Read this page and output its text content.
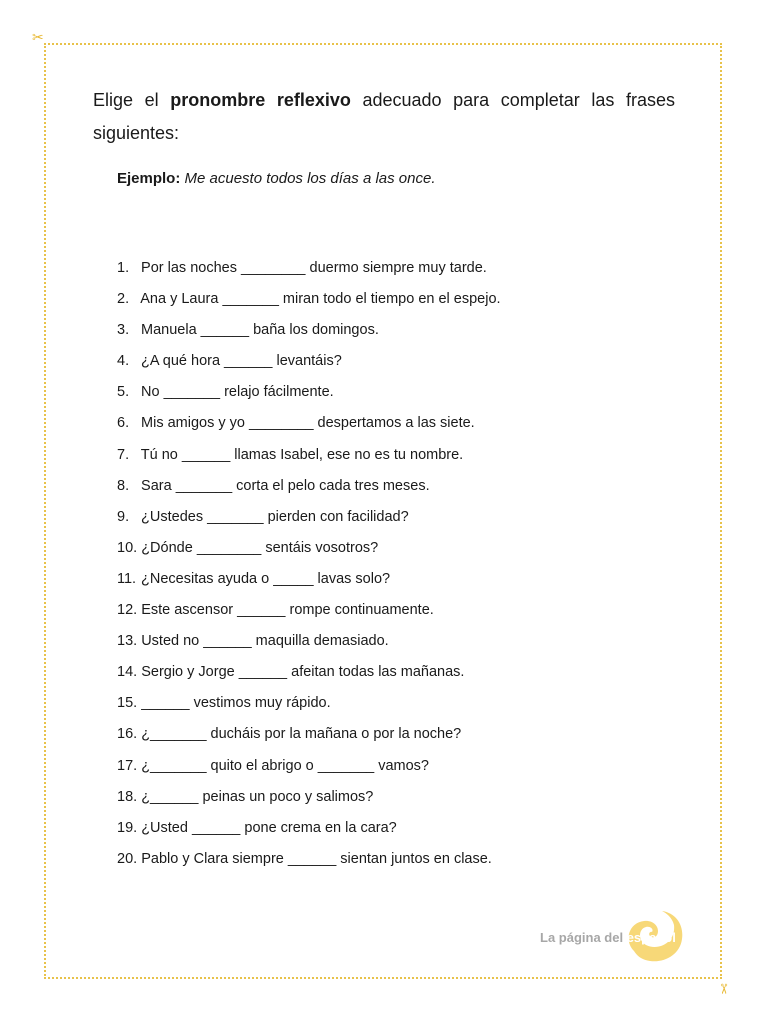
✂
✂

Elige el pronombre reflexivo adecuado para completar las frases siguientes:

Ejemplo: Me acuesto todos los días a las once.
1. Por las noches ________ duermo siempre muy tarde.
2. Ana y Laura _______ miran todo el tiempo en el espejo.
3. Manuela ______ baña los domingos.
4. ¿A qué hora ______ levantáis?
5. No _______ relajo fácilmente.
6. Mis amigos y yo ________ despertamos a las siete.
7. Tú no ______ llamas Isabel, ese no es tu nombre.
8. Sara _______ corta el pelo cada tres meses.
9. ¿Ustedes _______ pierden con facilidad?
10. ¿Dónde ________ sentáis vosotros?
11. ¿Necesitas ayuda o _____ lavas solo?
12. Este ascensor ______ rompe continuamente.
13. Usted no ______ maquilla demasiado.
14. Sergio y Jorge ______ afeitan todas las mañanas.
15. ______ vestimos muy rápido.
16. ¿_______ ducháis por la mañana o por la noche?
17. ¿_______ quito el abrigo o _______ vamos?
18. ¿______ peinas un poco y salimos?
19. ¿Usted ______ pone crema en la cara?
20. Pablo y Clara siempre ______ sientan juntos en clase.
La página del español
